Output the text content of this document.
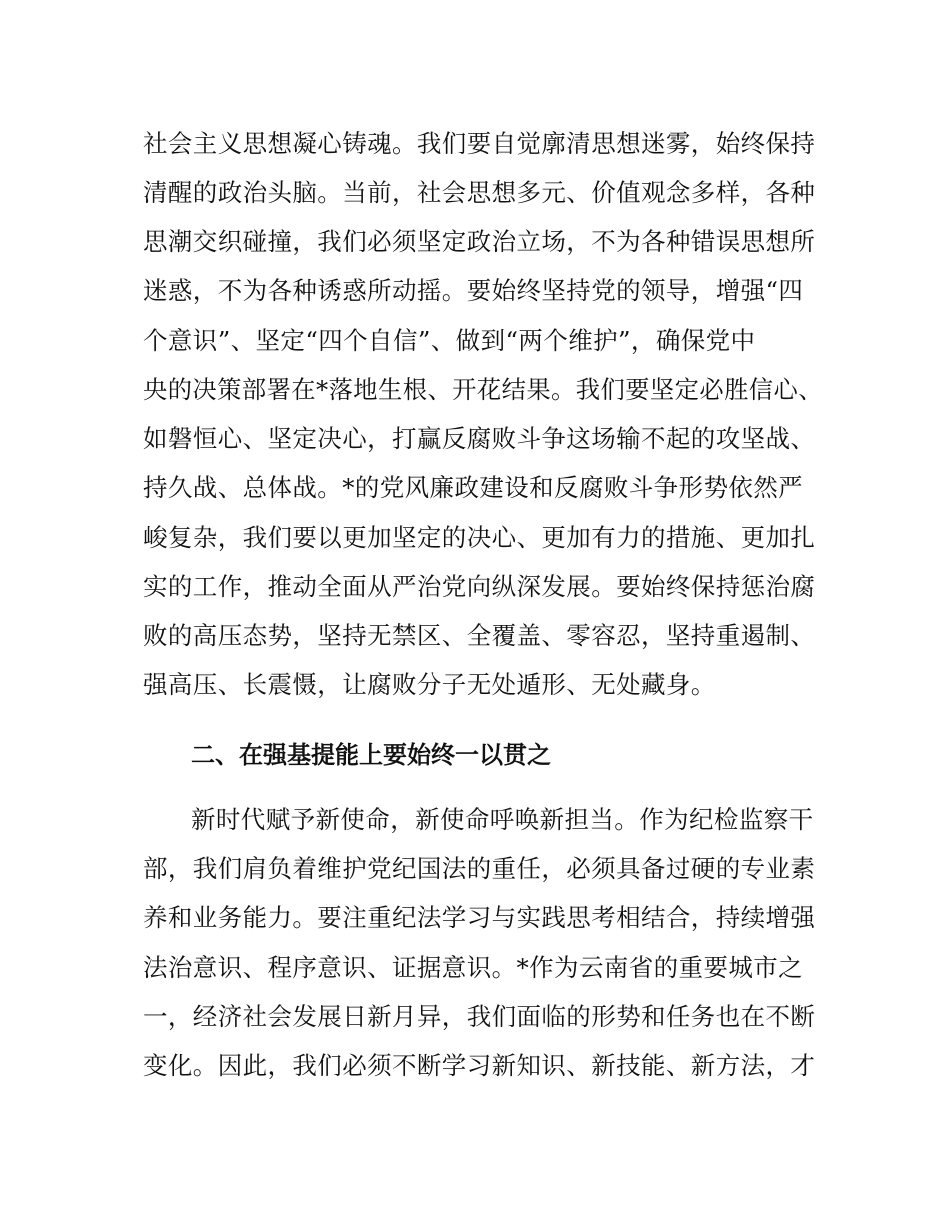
社会主义思想凝心铸魂。我们要自觉廓清思想迷雾，始终保持
清醒的政治头脑。当前，社会思想多元、价值观念多样，各种
思潮交织碰撞，我们必须坚定政治立场，不为各种错误思想所
迷惑，不为各种诱惑所动摇。要始终坚持党的领导，增强“四
个意识”、坚定“四个自信”、做到“两个维护”，确保党中
央的决策部署在*落地生根、开花结果。我们要坚定必胜信心、
如磐恒心、坚定决心，打赢反腐败斗争这场输不起的攻坚战、
持久战、总体战。*的党风廉政建设和反腐败斗争形势依然严
峻复杂，我们要以更加坚定的决心、更加有力的措施、更加扎
实的工作，推动全面从严治党向纵深发展。要始终保持惩治腐
败的高压态势，坚持无禁区、全覆盖、零容忍，坚持重遏制、
强高压、长震慑，让腐败分子无处遁形、无处藏身。
二、在强基提能上要始终一以贯之
新时代赋予新使命，新使命呼唤新担当。作为纪检监察干
部，我们肩负着维护党纪国法的重任，必须具备过硬的专业素
养和业务能力。要注重纪法学习与实践思考相结合，持续增强
法治意识、程序意识、证据意识。*作为云南省的重要城市之
一，经济社会发展日新月异，我们面临的形势和任务也在不断
变化。因此，我们必须不断学习新知识、新技能、新方法，才
